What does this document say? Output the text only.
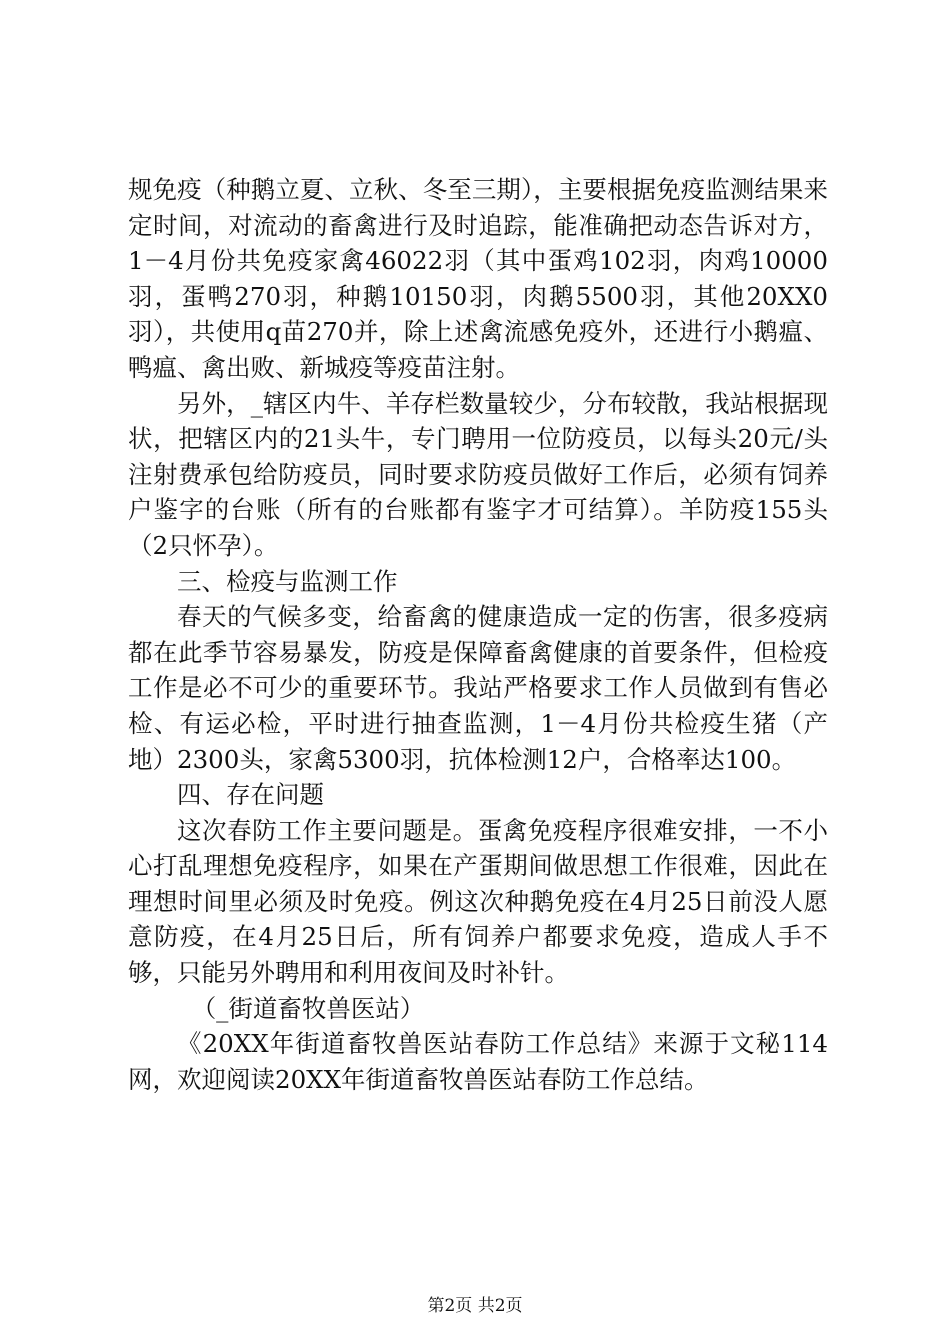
规免疫（种鹅立夏、立秋、冬至三期），主要根据免疫监测结果来定时间，对流动的畜禽进行及时追踪，能准确把动态告诉对方，1－4月份共免疫家禽46022羽（其中蛋鸡102羽，肉鸡10000羽，蛋鸭270羽，种鹅10150羽，肉鹅5500羽，其他20XX0羽），共使用q苗270并，除上述禽流感免疫外，还进行小鹅瘟、鸭瘟、禽出败、新城疫等疫苗注射。

另外，_辖区内牛、羊存栏数量较少，分布较散，我站根据现状，把辖区内的21头牛，专门聘用一位防疫员，以每头20元/头注射费承包给防疫员，同时要求防疫员做好工作后，必须有饲养户鉴字的台账（所有的台账都有鉴字才可结算）。羊防疫155头（2只怀孕）。

三、检疫与监测工作

春天的气候多变，给畜禽的健康造成一定的伤害，很多疫病都在此季节容易暴发，防疫是保障畜禽健康的首要条件，但检疫工作是必不可少的重要环节。我站严格要求工作人员做到有售必检、有运必检，平时进行抽查监测，1－4月份共检疫生猪（产地）2300头，家禽5300羽，抗体检测12户，合格率达100。

四、存在问题

这次春防工作主要问题是。蛋禽免疫程序很难安排，一不小心打乱理想免疫程序，如果在产蛋期间做思想工作很难，因此在理想时间里必须及时免疫。例这次种鹅免疫在4月25日前没人愿意防疫，在4月25日后，所有饲养户都要求免疫，造成人手不够，只能另外聘用和利用夜间及时补针。

（_街道畜牧兽医站）

《20XX年街道畜牧兽医站春防工作总结》来源于文秘114网，欢迎阅读20XX年街道畜牧兽医站春防工作总结。

第2页 共2页
